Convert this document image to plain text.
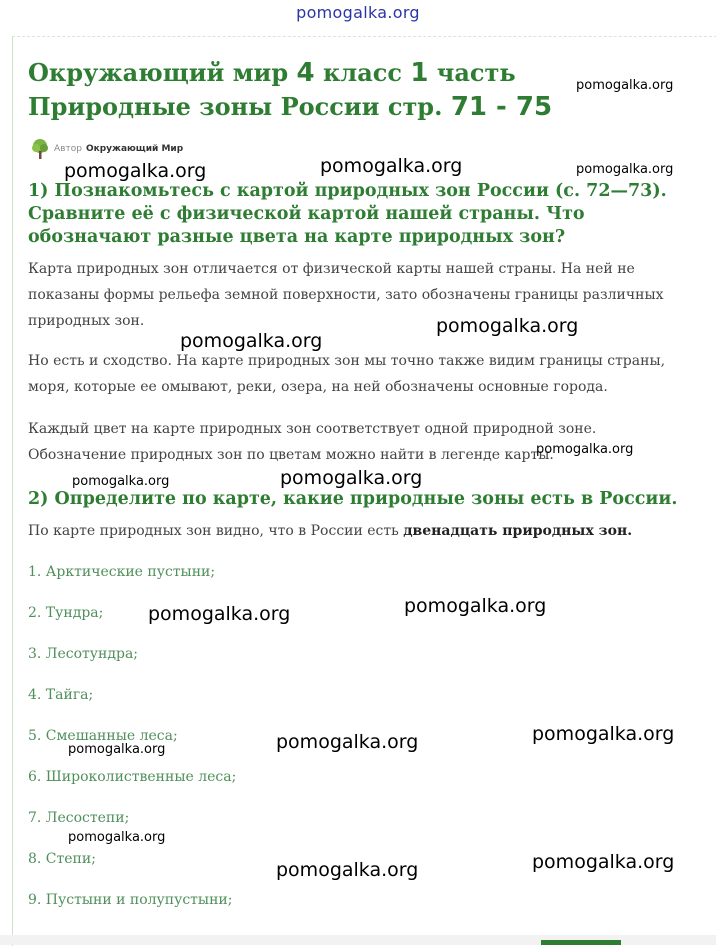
pomogalka.org
Окружающий мир 4 класс 1 часть Природные зоны России стр. 71 - 75
Автор Окружающий Мир
1) Познакомьтесь с картой природных зон России (с. 72—73). Сравните её с физической картой нашей страны. Что обозначают разные цвета на карте природных зон?

Карта природных зон отличается от физической карты нашей страны. На ней не показаны формы рельефа земной поверхности, зато обозначены границы различных природных зон.

Но есть и сходство. На карте природных зон мы точно также видим границы страны, моря, которые ее омывают, реки, озера, на ней обозначены основные города.

Каждый цвет на карте природных зон соответствует одной природной зоне. Обозначение природных зон по цветам можно найти в легенде карты.

2) Определите по карте, какие природные зоны есть в России.

По карте природных зон видно, что в России есть двенадцать природных зон.

1. Арктические пустыни;

2. Тундра;

3. Лесотундра;

4. Тайга;

5. Смешанные леса;

6. Широколиственные леса;

7. Лесостепи;

8. Степи;

9. Пустыни и полупустыни;

pomogalka.org
pomogalka.org	pomogalka.org	pomogalka.org
pomogalka.org
pomogalka.org
pomogalka.org
pomogalka.org
pomogalka.org
pomogalka.org	pomogalka.org
pomogalka.org	pomogalka.org	pomogalka.org
pomogalka.org
pomogalka.org	pomogalka.org
